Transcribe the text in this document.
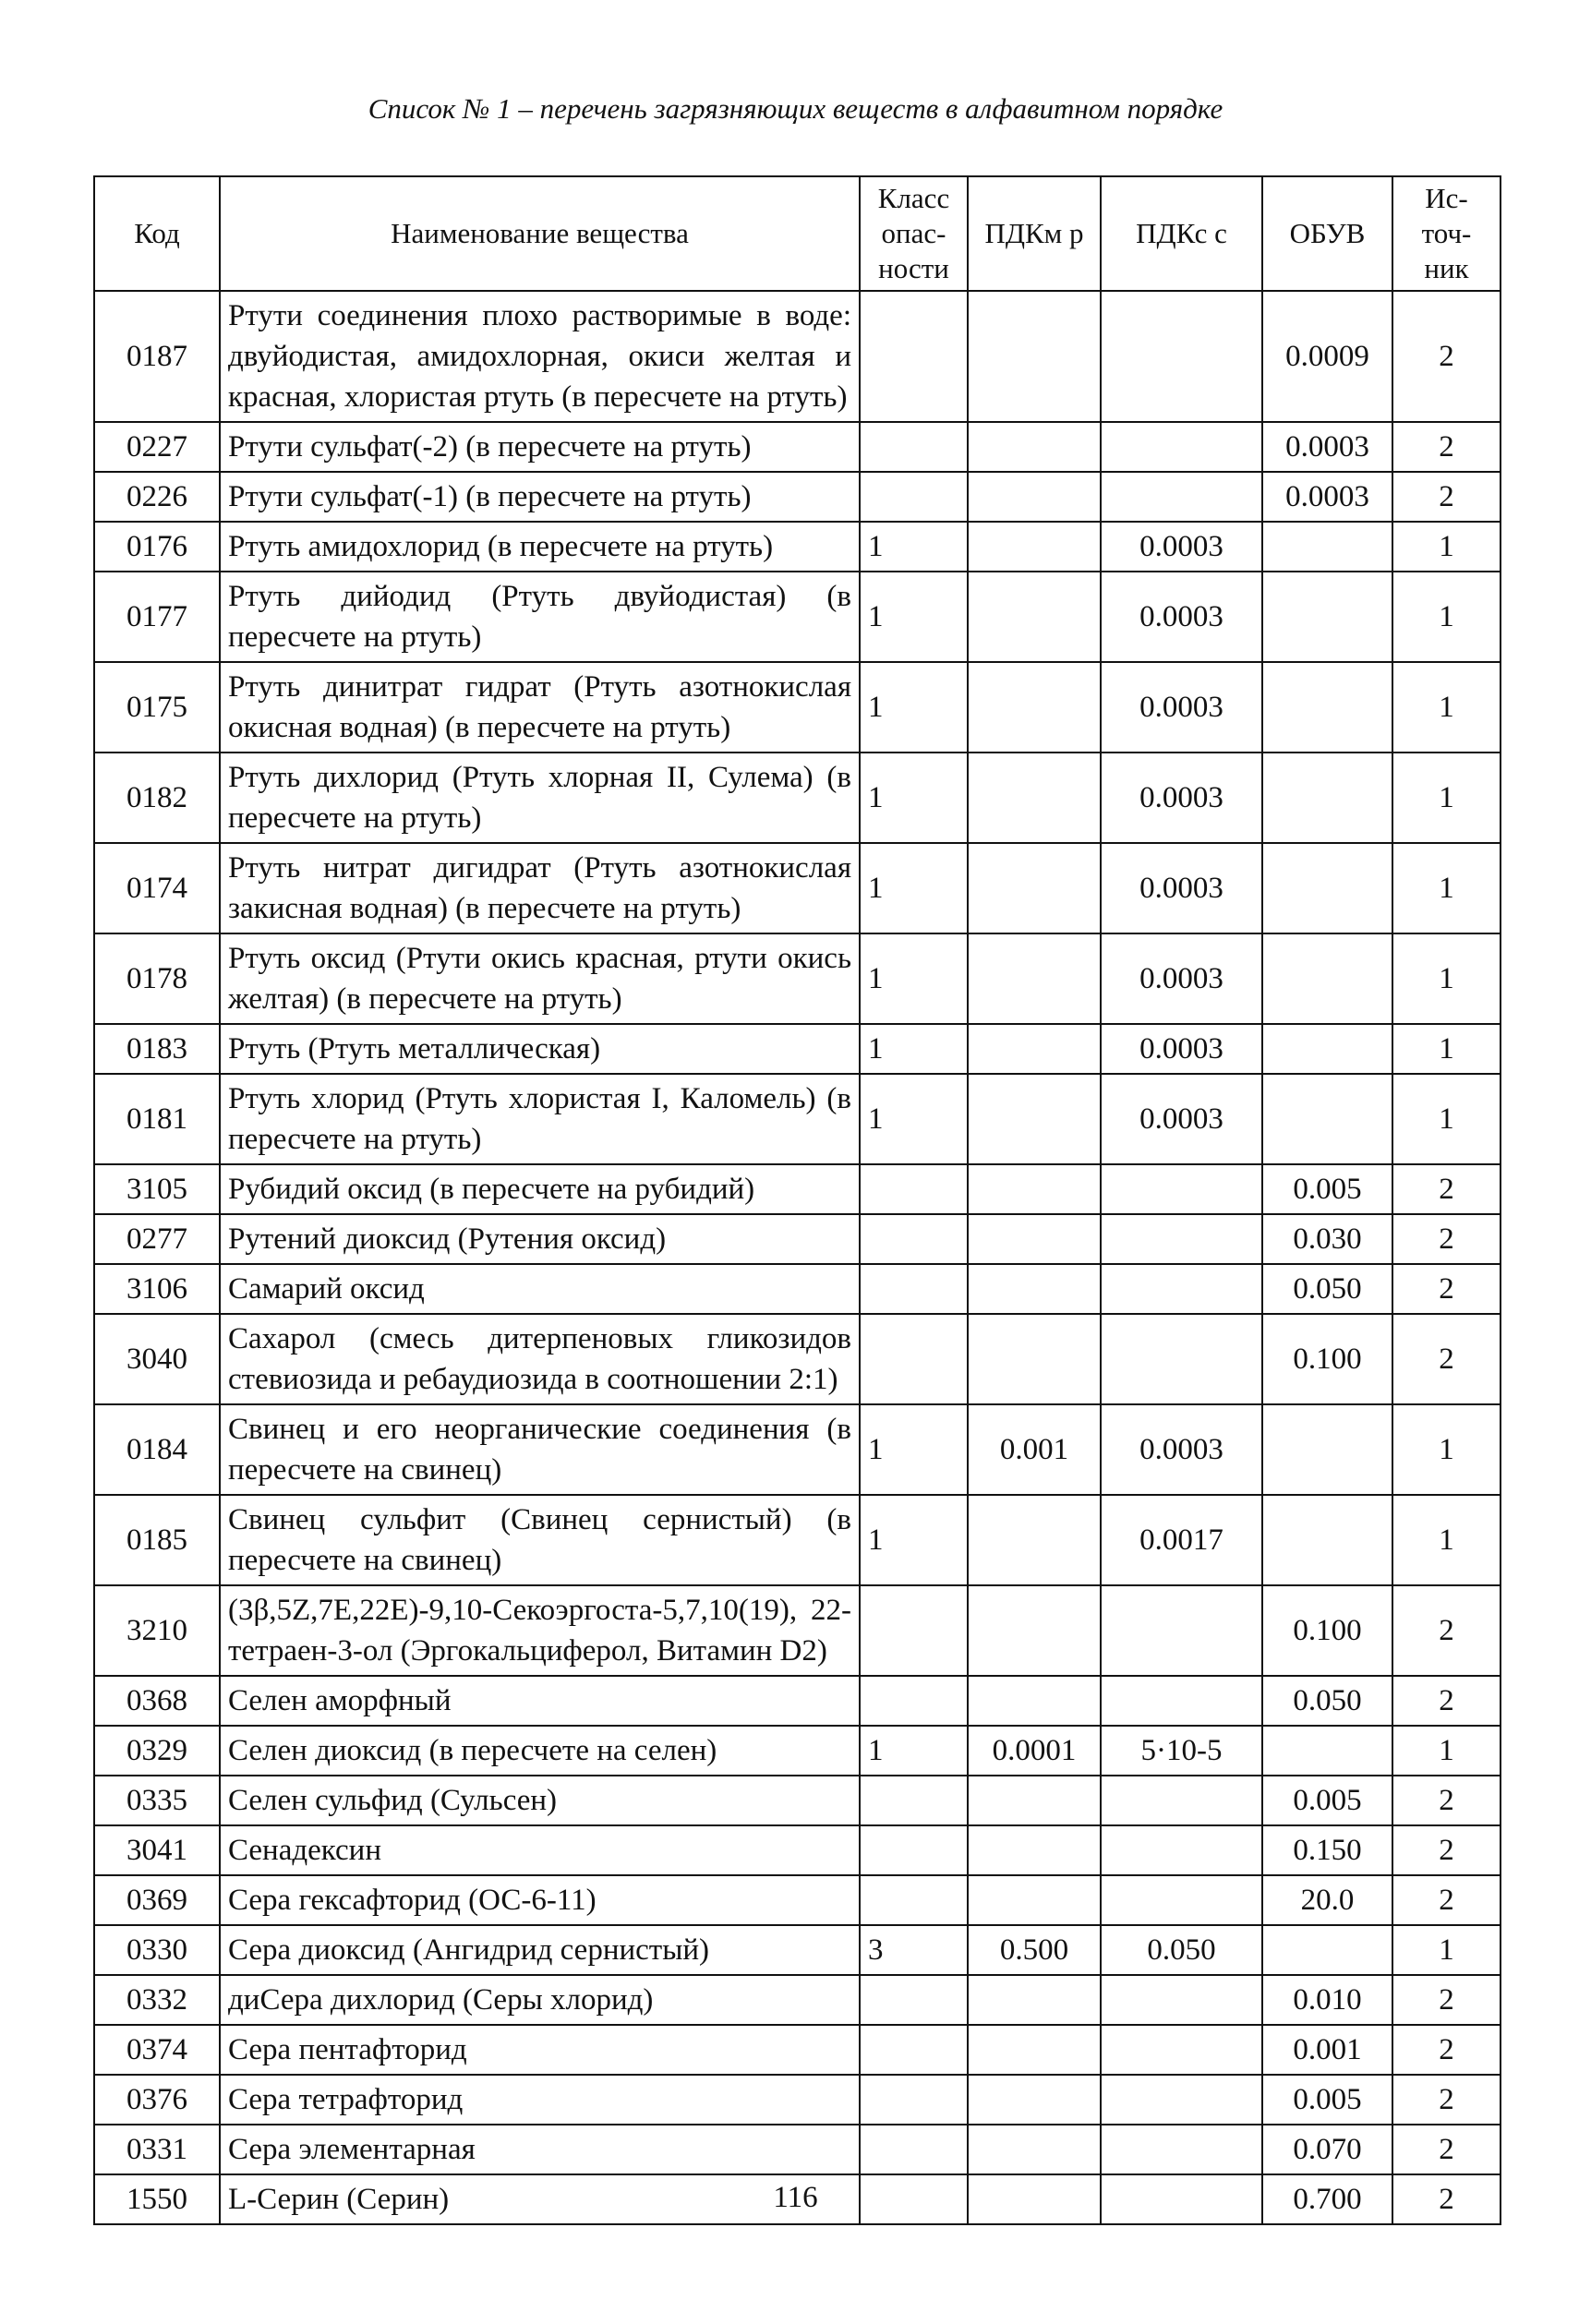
Список № 1 – перечень загрязняющих веществ в алфавитном порядке
Код	Наименование вещества	Класс опас-ности	ПДКм р	ПДКс с	ОБУВ	Ис-точ-ник
0187	Ртути соединения плохо растворимые в воде: двуйодистая, амидохлорная, окиси желтая и красная, хлористая ртуть (в пересчете на ртуть)				0.0009	2
0227	Ртути сульфат(-2) (в пересчете на ртуть)				0.0003	2
0226	Ртути сульфат(-1) (в пересчете на ртуть)				0.0003	2
0176	Ртуть амидохлорид (в пересчете на ртуть)	1		0.0003		1
0177	Ртуть дийодид (Ртуть двуйодистая) (в пересчете на ртуть)	1		0.0003		1
0175	Ртуть динитрат гидрат (Ртуть азотнокислая окисная водная) (в пересчете на ртуть)	1		0.0003		1
0182	Ртуть дихлорид (Ртуть хлорная II, Сулема) (в пересчете на ртуть)	1		0.0003		1
0174	Ртуть нитрат дигидрат (Ртуть азотнокислая закисная водная) (в пересчете на ртуть)	1		0.0003		1
0178	Ртуть оксид (Ртути окись красная, ртути окись желтая) (в пересчете на ртуть)	1		0.0003		1
0183	Ртуть (Ртуть металлическая)	1		0.0003		1
0181	Ртуть хлорид (Ртуть хлористая I, Каломель) (в пересчете на ртуть)	1		0.0003		1
3105	Рубидий оксид (в пересчете на рубидий)				0.005	2
0277	Рутений диоксид (Рутения оксид)				0.030	2
3106	Самарий оксид				0.050	2
3040	Сахарол (смесь дитерпеновых гликозидов стевиозида и ребаудиозида в соотношении 2:1)				0.100	2
0184	Свинец и его неорганические соединения (в пересчете на свинец)	1	0.001	0.0003		1
0185	Свинец сульфит (Свинец сернистый) (в пересчете на свинец)	1		0.0017		1
3210	(3β,5Z,7E,22E)-9,10-Секоэргоста-5,7,10(19), 22-тетраен-3-ол (Эргокальциферол, Витамин D2)				0.100	2
0368	Селен аморфный				0.050	2
0329	Селен диоксид (в пересчете на селен)	1	0.0001	5·10-5		1
0335	Селен сульфид (Сульсен)				0.005	2
3041	Сенадексин				0.150	2
0369	Сера гексафторид (ОС-6-11)				20.0	2
0330	Сера диоксид (Ангидрид сернистый)	3	0.500	0.050		1
0332	диСера дихлорид (Серы хлорид)				0.010	2
0374	Сера пентафторид				0.001	2
0376	Сера тетрафторид				0.005	2
0331	Сера элементарная				0.070	2
1550	L-Серин (Серин)				0.700	2
116
